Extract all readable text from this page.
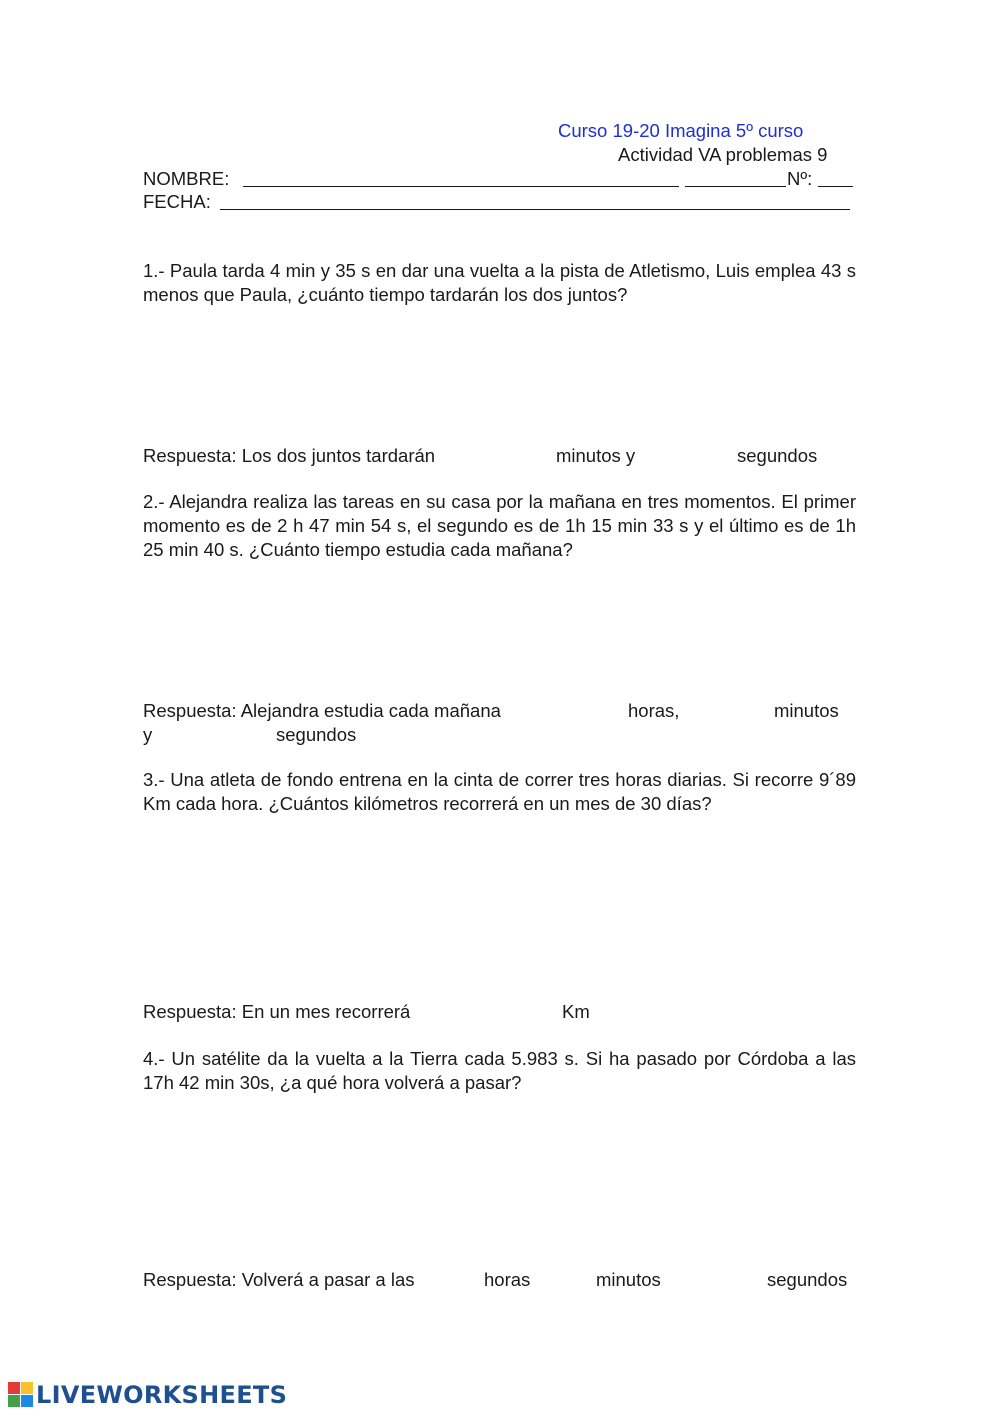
Curso 19-20 Imagina 5º curso
Actividad VA problemas 9
NOMBRE:	Nº:
FECHA:
1.- Paula tarda 4 min y 35 s en dar una vuelta a la pista de Atletismo, Luis emplea 43 s menos que Paula, ¿cuánto tiempo tardarán los dos juntos?
Respuesta: Los dos juntos tardarán	minutos y	segundos
2.- Alejandra realiza las tareas en su casa por la mañana en tres momentos. El primer momento es de 2 h 47 min 54 s, el segundo es de 1h 15 min 33 s y el último es de 1h 25 min 40 s. ¿Cuánto tiempo estudia cada mañana?
Respuesta: Alejandra estudia cada mañana	horas,	minutos
y	segundos
3.- Una atleta de fondo entrena en la cinta de correr tres horas diarias. Si recorre 9´89 Km cada hora. ¿Cuántos kilómetros recorrerá en un mes de 30 días?
Respuesta: En un mes recorrerá	Km
4.- Un satélite da la vuelta a la Tierra cada 5.983 s. Si ha pasado por Córdoba a las 17h 42 min 30s, ¿a qué hora volverá a pasar?
Respuesta: Volverá a pasar a las	horas	minutos	segundos
LIVEWORKSHEETS
